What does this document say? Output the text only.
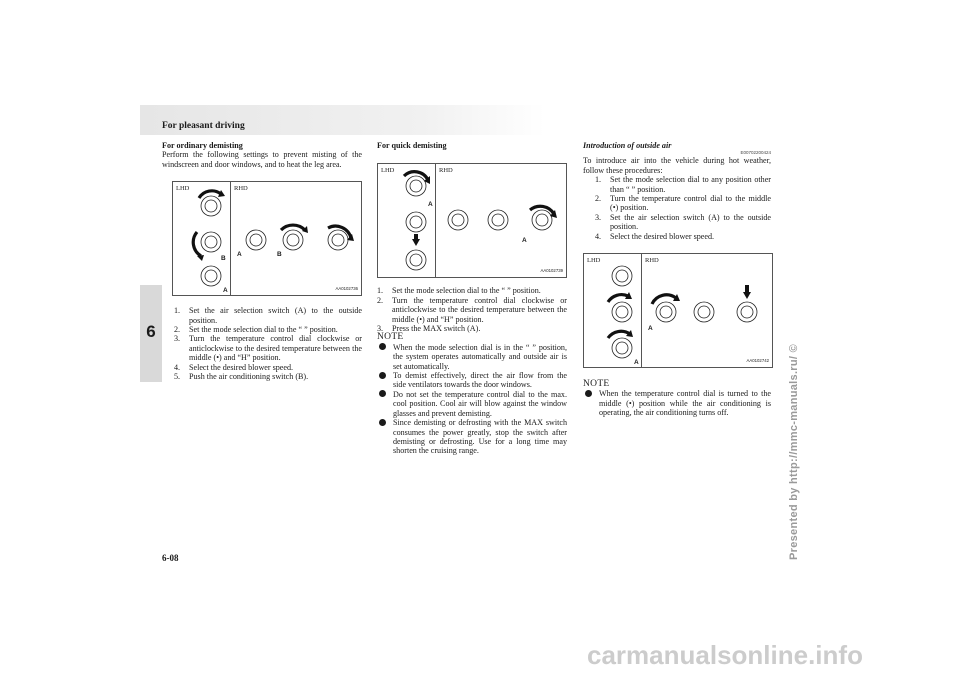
For pleasant driving
6

For ordinary demisting

Perform the following settings to prevent misting of the windscreen and door windows, and to heat the leg area.

LHD	RHD
B
A
A	B
AA0102736
1. Set the air selection switch (A) to the outside position.
2. Set the mode selection dial to the “ ” position.
3. Turn the temperature control dial clockwise or anticlockwise to the desired temperature between the middle (•) and “H” position.
4. Select the desired blower speed.
5. Push the air conditioning switch (B).

For quick demisting

LHD	RHD
A
A
AA0102739
1. Set the mode selection dial to the “ ” position.
2. Turn the temperature control dial clockwise or anticlockwise to the desired temperature between the middle (•) and “H” position.
3. Press the MAX switch (A).

NOTE

When the mode selection dial is in the “ ” position, the system operates automatically and outside air is set automatically.
To demist effectively, direct the air flow from the side ventilators towards the door windows.
Do not set the temperature control dial to the max. cool position. Cool air will blow against the window glasses and prevent demisting.
Since demisting or defrosting with the MAX switch consumes the power greatly, stop the switch after demisting or defrosting. Use for a long time may shorten the cruising range.

Introduction of outside air

E00702200424

To introduce air into the vehicle during hot weather, follow these procedures:

1. Set the mode selection dial to any position other than “ ” position.
2. Turn the temperature control dial to the middle (•) position.
3. Set the air selection switch (A) to the outside position.
4. Select the desired blower speed.
LHD	RHD
A
A
AA0102742

NOTE

When the temperature control dial is turned to the middle (•) position while the air conditioning is operating, the air conditioning turns off.
6-08	Presented by http://mmc-manuals.ru/ ©
carmanualsonline.info
